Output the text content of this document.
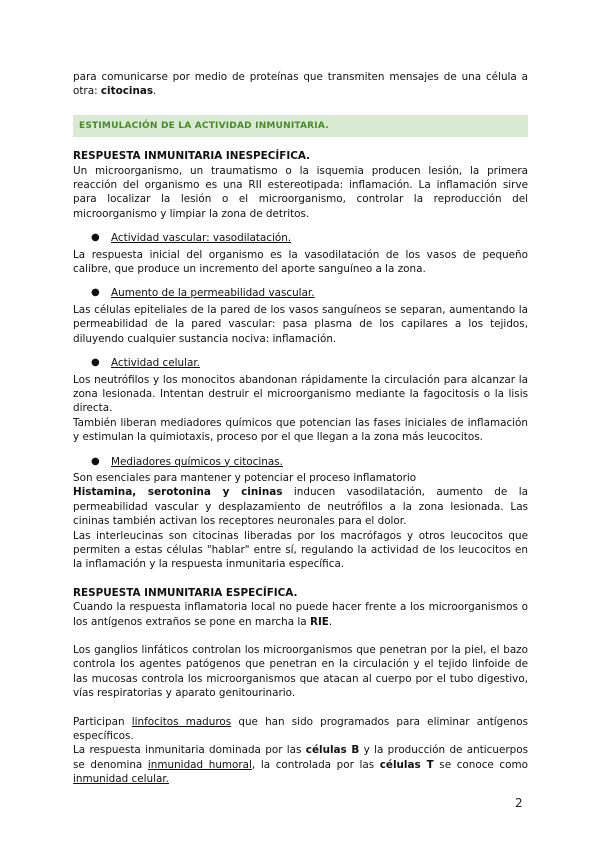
para comunicarse por medio de proteínas que transmiten mensajes de una célula a otra: citocinas.

ESTIMULACIÓN DE LA ACTIVIDAD INMUNITARIA.

RESPUESTA INMUNITARIA INESPECÍFICA.

Un microorganismo, un traumatismo o la isquemia producen lesión, la primera reacción del organismo es una RII estereotipada: inflamación. La inflamación sirve para localizar la lesión o el microorganismo, controlar la reproducción del microorganismo y limpiar la zona de detritos.

● Actividad vascular: vasodilatación.

La respuesta inicial del organismo es la vasodilatación de los vasos de pequeño calibre, que produce un incremento del aporte sanguíneo a la zona.

● Aumento de la permeabilidad vascular.

Las células epiteliales de la pared de los vasos sanguíneos se separan, aumentando la permeabilidad de la pared vascular: pasa plasma de los capilares a los tejidos, diluyendo cualquier sustancia nociva: inflamación.

● Actividad celular.

Los neutrófilos y los monocitos abandonan rápidamente la circulación para alcanzar la zona lesionada. Intentan destruir el microorganismo mediante la fagocitosis o la lisis directa.

También liberan mediadores químicos que potencian las fases iniciales de inflamación y estimulan la quimiotaxis, proceso por el que llegan a la zona más leucocitos.

● Mediadores químicos y citocinas.

Son esenciales para mantener y potenciar el proceso inflamatorio

Histamina, serotonina y cininas inducen vasodilatación, aumento de la permeabilidad vascular y desplazamiento de neutrófilos a la zona lesionada. Las cininas también activan los receptores neuronales para el dolor.

Las interleucinas son citocinas liberadas por los macrófagos y otros leucocitos que permiten a estas células "hablar" entre sí, regulando la actividad de los leucocitos en la inflamación y la respuesta inmunitaria específica.

RESPUESTA INMUNITARIA ESPECÍFICA.

Cuando la respuesta inflamatoria local no puede hacer frente a los microorganismos o los antígenos extraños se pone en marcha la RIE.

Los ganglios linfáticos controlan los microorganismos que penetran por la piel, el bazo controla los agentes patógenos que penetran en la circulación y el tejido linfoide de las mucosas controla los microorganismos que atacan al cuerpo por el tubo digestivo, vías respiratorias y aparato genitourinario.

Participan linfocitos maduros que han sido programados para eliminar antígenos específicos.

La respuesta inmunitaria dominada por las células B y la producción de anticuerpos se denomina inmunidad humoral, la controlada por las células T se conoce como inmunidad celular.

2
